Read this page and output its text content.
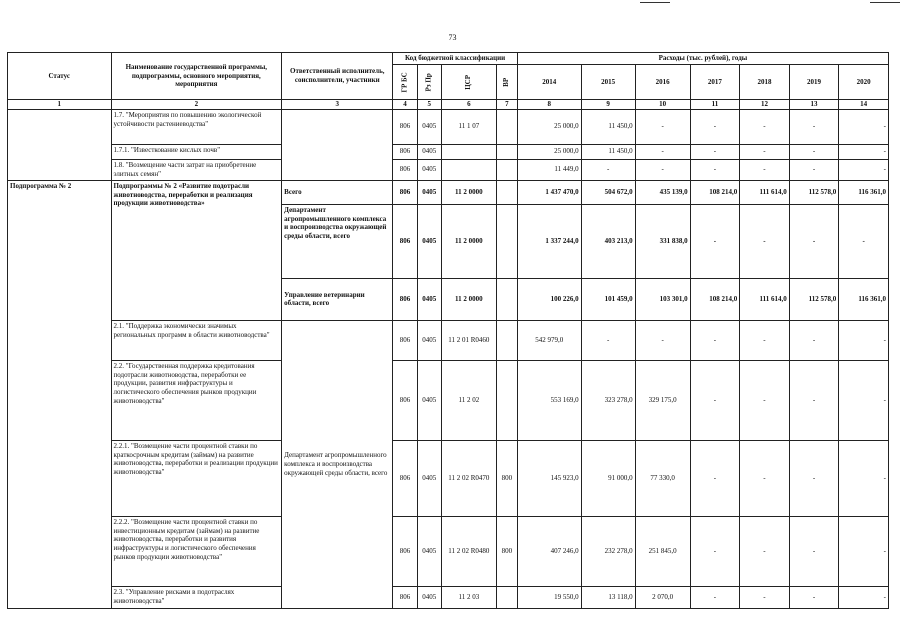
73
Статус	Наименование государственной программы, подпрограммы, основного мероприятия, мероприятия	Ответственный исполнитель, соисполнители, участники	Код бюджетной классификации				Расходы (тыс. рублей), годы						
			ГР БС	Рз Пр	ЦСР	ВР	2014	2015	2016	2017	2018	2019	2020
1	2	3	4	5	6	7	8	9	10	11	12	13	14
	1.7. "Мероприятия по повышению экологической устойчивости растениеводства"		806	0405	11 1 07		25 000,0	11 450,0	-	-	-	-	-
	1.7.1. "Известкование кислых почв"		806	0405			25 000,0	11 450,0	-	-	-	-	-
	1.8. "Возмещение части затрат на приобретение элитных семян"		806	0405			11 449,0	-	-	-	-	-	-
Подпрограмма № 2	Подпрограммы № 2 «Развитие подотрасли животноводства, переработки и реализация продукции животноводства»	Всего	806	0405	11 2 0000		1 437 470,0	504 672,0	435 139,0	108 214,0	111 614,0	112 578,0	116 361,0
		Департамент агропромышленного комплекса и воспроизводства окружающей среды области, всего	806	0405	11 2 0000		1 337 244,0	403 213,0	331 838,0	-	-	-	-
		Управление ветеринарии области, всего	806	0405	11 2 0000		100 226,0	101 459,0	103 301,0	108 214,0	111 614,0	112 578,0	116 361,0
	2.1. "Поддержка экономически значимых региональных программ в области животноводства"	Департамент агропромышленного комплекса и воспроизводства окружающей среды области, всего	806	0405	11 2 01 R0460		542 979,0	-	-	-	-	-	-
	2.2. "Государственная поддержка кредитования подотрасли животноводства, переработки ее продукции, развития инфраструктуры и логистического обеспечения рынков продукции животноводства"		806	0405	11 2 02		553 169,0	323 278,0	329 175,0	-	-	-	-
	2.2.1. "Возмещение части процентной ставки по краткосрочным кредитам (займам) на развитие животноводства, переработки и реализации продукции животноводства"		806	0405	11 2 02 R0470	800	145 923,0	91 000,0	77 330,0	-	-	-	-
	2.2.2. "Возмещение части процентной ставки по инвестиционным кредитам (займам) на развитие животноводства, переработки и развития инфраструктуры и логистического обеспечения рынков продукции животноводства"		806	0405	11 2 02 R0480	800	407 246,0	232 278,0	251 845,0	-	-	-	-
	2.3. "Управление рисками в подотраслях животноводства"		806	0405	11 2 03		19 550,0	13 118,0	2 070,0	-	-	-	-
